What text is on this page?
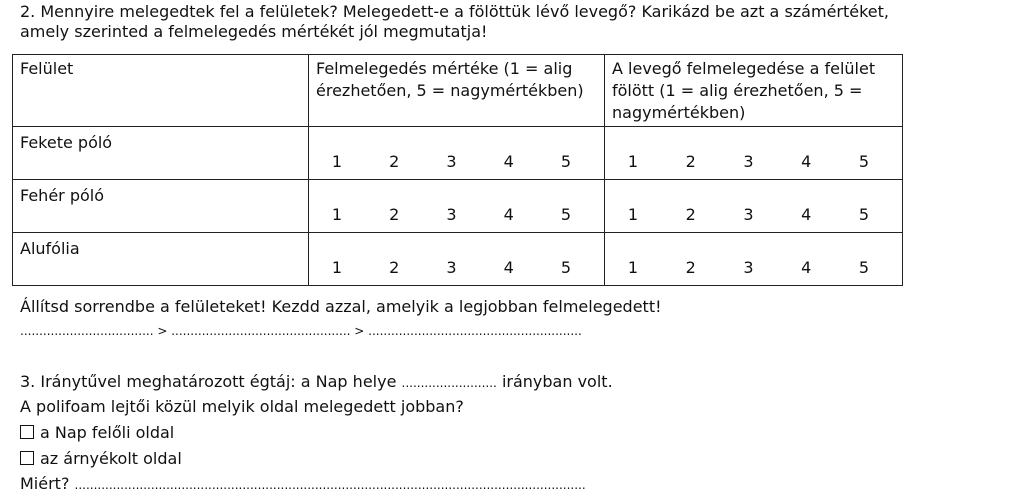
2. Mennyire melegedtek fel a felületek? Melegedett-e a fölöttük lévő levegő? Karikázd be azt a számértéket,
amely szerinted a felmelegedés mértékét jól megmutatja!
Felület	Felmelegedés mértéke (1 = alig érezhetően, 5 = nagymértékben)	A levegő felmelegedése a felület fölött (1 = alig érezhetően, 5 = nagymértékben)
Fekete póló	1 2 3 4 5	1 2 3 4 5

Fehér póló	1 2 3 4 5	1 2 3 4 5

Alufólia	1 2 3 4 5	1 2 3 4 5
Állítsd sorrendbe a felületeket! Kezdd azzal, amelyik a legjobban felmelegedett!
................................... > ............................................... > ........................................................
3. Iránytűvel meghatározott égtáj: a Nap helye ......................... irányban volt.
A polifoam lejtői közül melyik oldal melegedett jobban?
a Nap felőli oldal
az árnyékolt oldal
Miért? ......................................................................................................................................
